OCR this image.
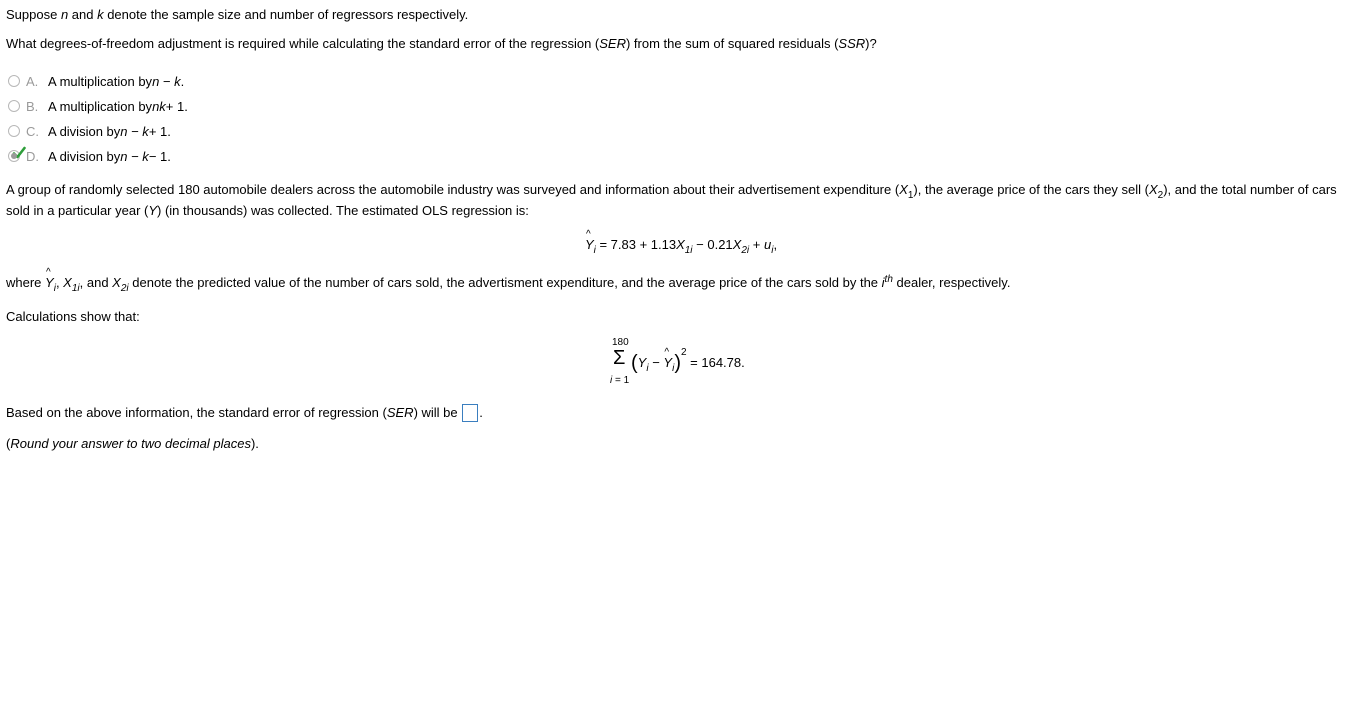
Suppose n and k denote the sample size and number of regressors respectively.
What degrees-of-freedom adjustment is required while calculating the standard error of the regression (SER) from the sum of squared residuals (SSR)?
A. A multiplication by n − k .
B. A multiplication by nk + 1.
C. A division by n − k + 1.
D. A division by n − k − 1.
A group of randomly selected 180 automobile dealers across the automobile industry was surveyed and information about their advertisement expenditure $(X_1)$, the average price of the cars they sell $(X_2)$, and the total number of cars
sold in a particular year (Y) (in thousands) was collected. The estimated OLS regression is:
^ $Y_i = 7.83 + 1.13X_{1i} - 0.21X_{2i} + u_i$,
where ^ $Y_i$, $X_{1i}$, and $X_{2i}$ denote the predicted value of the number of cars sold, the advertisment expenditure, and the average price of the cars sold by the $i^{th}$ dealer, respectively.
Calculations show that:
180
Σ
i = 1
($Y_i$ − ^ $Y_i)^2 = 164.78$.
Based on the above information, the standard error of regression (SER) will be .
(Round your answer to two decimal places).
